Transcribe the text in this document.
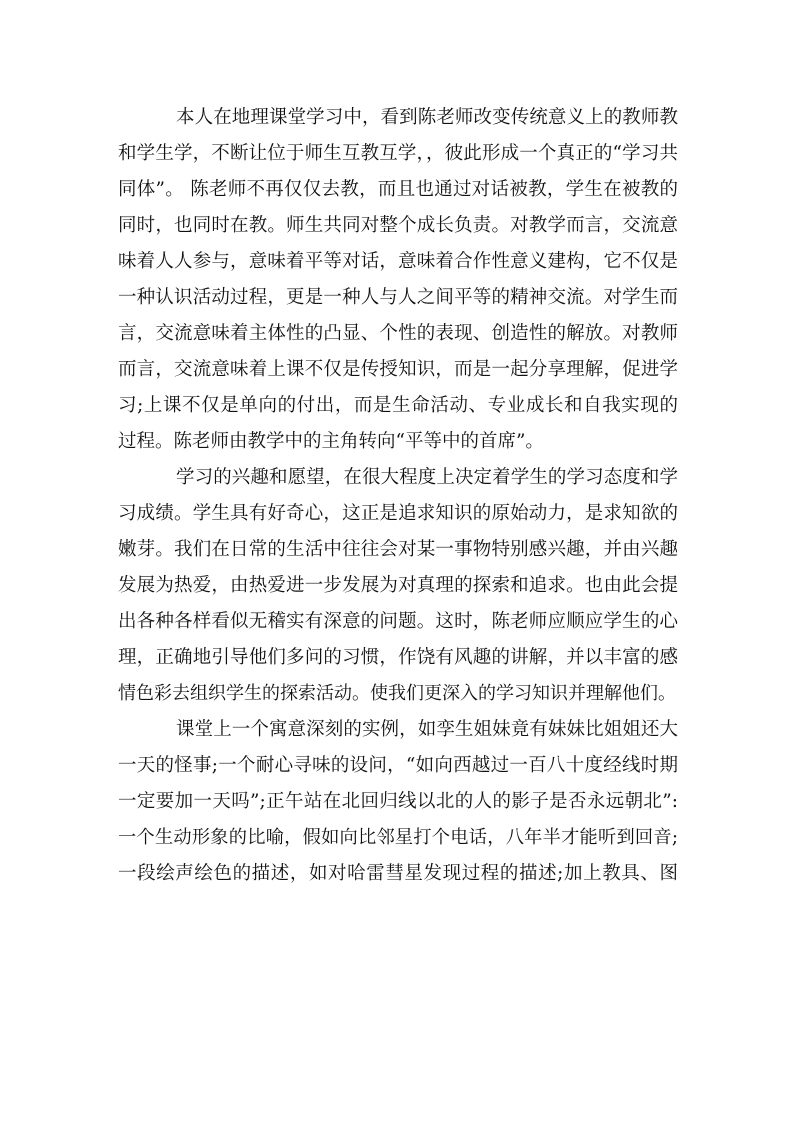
本人在地理课堂学习中，看到陈老师改变传统意义上的教师教
和学生学，不断让位于师生互教互学，，彼此形成一个真正的“学习共
同体”。 陈老师不再仅仅去教，而且也通过对话被教，学生在被教的
同时，也同时在教。师生共同对整个成长负责。对教学而言，交流意
味着人人参与，意味着平等对话，意味着合作性意义建构，它不仅是
一种认识活动过程，更是一种人与人之间平等的精神交流。对学生而
言，交流意味着主体性的凸显、个性的表现、创造性的解放。对教师
而言，交流意味着上课不仅是传授知识，而是一起分享理解，促进学
习;上课不仅是单向的付出，而是生命活动、专业成长和自我实现的
过程。陈老师由教学中的主角转向“平等中的首席”。
学习的兴趣和愿望，在很大程度上决定着学生的学习态度和学
习成绩。学生具有好奇心，这正是追求知识的原始动力，是求知欲的
嫩芽。我们在日常的生活中往往会对某一事物特别感兴趣，并由兴趣
发展为热爱，由热爱进一步发展为对真理的探索和追求。也由此会提
出各种各样看似无稽实有深意的问题。这时，陈老师应顺应学生的心
理，正确地引导他们多问的习惯，作饶有风趣的讲解，并以丰富的感
情色彩去组织学生的探索活动。使我们更深入的学习知识并理解他们。
课堂上一个寓意深刻的实例，如孪生姐妹竟有妹妹比姐姐还大
一天的怪事;一个耐心寻味的设问，“如向西越过一百八十度经线时期
一定要加一天吗”;正午站在北回归线以北的人的影子是否永远朝北”:
一个生动形象的比喻，假如向比邻星打个电话，八年半才能听到回音;
一段绘声绘色的描述，如对哈雷彗星发现过程的描述;加上教具、图
